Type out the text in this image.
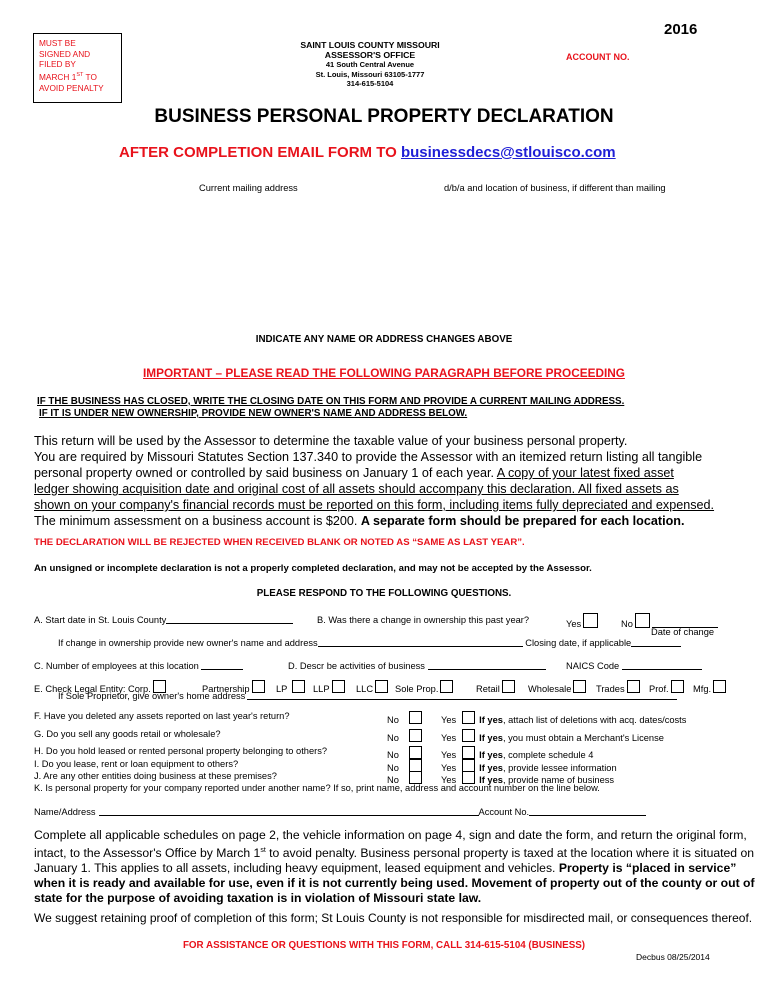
2016
MUST BE
SIGNED AND
FILED BY
MARCH 1ST TO
AVOID PENALTY
SAINT LOUIS COUNTY MISSOURI
ASSESSOR'S OFFICE
41 South Central Avenue
St. Louis, Missouri 63105-1777
314-615-5104
ACCOUNT NO.
BUSINESS PERSONAL PROPERTY DECLARATION
AFTER COMPLETION EMAIL FORM TO businessdecs@stlouisco.com
Current mailing address	d/b/a and location of business, if different than mailing
INDICATE ANY NAME OR ADDRESS CHANGES ABOVE
IMPORTANT – PLEASE READ THE FOLLOWING PARAGRAPH BEFORE PROCEEDING
IF THE BUSINESS HAS CLOSED, WRITE THE CLOSING DATE ON THIS FORM AND PROVIDE A CURRENT MAILING ADDRESS.
IF IT IS UNDER NEW OWNERSHIP, PROVIDE NEW OWNER'S NAME AND ADDRESS BELOW.
This return will be used by the Assessor to determine the taxable value of your business personal property.
You are required by Missouri Statutes Section 137.340 to provide the Assessor with an itemized return listing all tangible
personal property owned or controlled by said business on January 1 of each year. A copy of your latest fixed asset
ledger showing acquisition date and original cost of all assets should accompany this declaration. All fixed assets as
shown on your company's financial records must be reported on this form, including items fully depreciated and expensed.
The minimum assessment on a business account is $200. A separate form should be prepared for each location.
THE DECLARATION WILL BE REJECTED WHEN RECEIVED BLANK OR NOTED AS “SAME AS LAST YEAR”.
An unsigned or incomplete declaration is not a properly completed declaration, and may not be accepted by the Assessor.
PLEASE RESPOND TO THE FOLLOWING QUESTIONS.
A. Start date in St. Louis County	B. Was there a change in ownership this past year?	Yes	No
Date of change
If change in ownership provide new owner's name and address	Closing date, if applicable
C. Number of employees at this location	D. Descr be activities of business	NAICS Code
E. Check Legal Entity: Corp.	Partnership	LP	LLP	LLC	Sole Prop.	Retail	Wholesale	Trades	Prof.	Mfg.
If Sole Proprietor, give owner's home address
F. Have you deleted any assets reported on last year's return?	No	Yes If yes, attach list of deletions with acq. dates/costs
G. Do you sell any goods retail or wholesale?	No	Yes If yes, you must obtain a Merchant's License
H. Do you hold leased or rented personal property belonging to others?	No	Yes If yes, complete schedule 4
I. Do you lease, rent or loan equipment to others?	No	Yes If yes, provide lessee information
J. Are any other entities doing business at these premises?	No	Yes If yes, provide name of business
K. Is personal property for your company reported under another name? If so, print name, address and account number on the line below.
Name/Address	Account No.
Complete all applicable schedules on page 2, the vehicle information on page 4, sign and date the form, and return the original form,
intact, to the Assessor's Office by March 1st to avoid penalty. Business personal property is taxed at the location where it is situated on
January 1. This applies to all assets, including heavy equipment, leased equipment and vehicles. Property is “placed in service”
when it is ready and available for use, even if it is not currently being used. Movement of property out of the county or out of
state for the purpose of avoiding taxation is in violation of Missouri state law.
We suggest retaining proof of completion of this form; St Louis County is not responsible for misdirected mail, or consequences thereof.
FOR ASSISTANCE OR QUESTIONS WITH THIS FORM, CALL 314-615-5104 (BUSINESS)
Decbus 08/25/2014
